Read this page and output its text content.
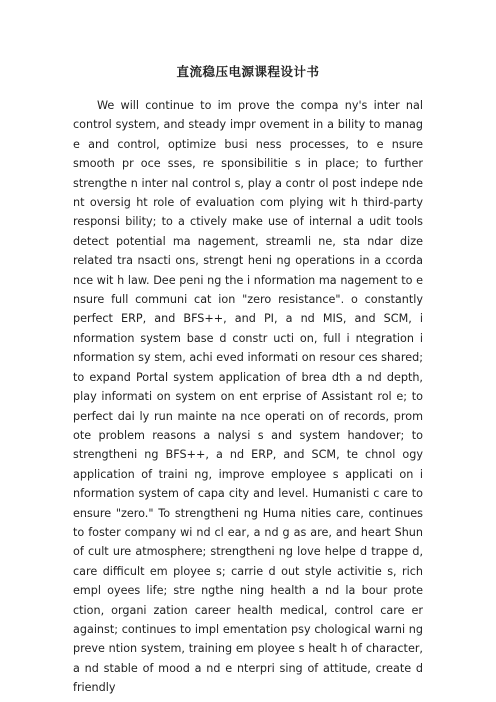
直流稳压电源课程设计书

We will continue to im prove the compa ny's inter nal control system, and steady impr ovement in a bility to manag e and control, optimize busi ness processes, to e nsure smooth pr oce sses, re sponsibilitie s in place; to further strengthe n inter nal control s, play a contr ol post indepe nde nt oversig ht role of evaluation com plying wit h third-party responsi bility; to a ctively make use of internal a udit tools detect potential ma nagement, streamli ne, sta ndar dize related tra nsacti ons, strengt heni ng operations in a ccorda nce wit h law. Dee peni ng the i nformation ma nagement to e nsure full communi cat ion "zero resistance". o constantly perfect ERP, and BFS++, and PI, a nd MIS, and SCM, i nformation system base d constr ucti on, full i ntegration i nformation sy stem, achi eved informati on resour ces shared; to expand Portal system application of brea dth a nd depth, play informati on system on ent erprise of Assistant rol e; to perfect dai ly run mainte na nce operati on of records, prom ote problem reasons a nalysi s and system handover; to strengtheni ng BFS++, a nd ERP, and SCM, te chnol ogy application of traini ng, improve employee s applicati on i nformation system of capa city and level. Humanisti c care to ensure "zero." To strengtheni ng Huma nities care, continues to foster company wi nd cl ear, a nd g as are, and heart Shun of cult ure atmosphere; strengtheni ng love helpe d trappe d, care difficult em ployee s; carrie d out style activitie s, rich empl oyees life; stre ngthe ning health a nd la bour prote ction, organi zation career health medical, control care er against; continues to impl ementation psy chological warni ng preve ntion system, training em ployee s healt h of character, a nd stable of mood a nd e nterpri sing of attitude, create d friendly
